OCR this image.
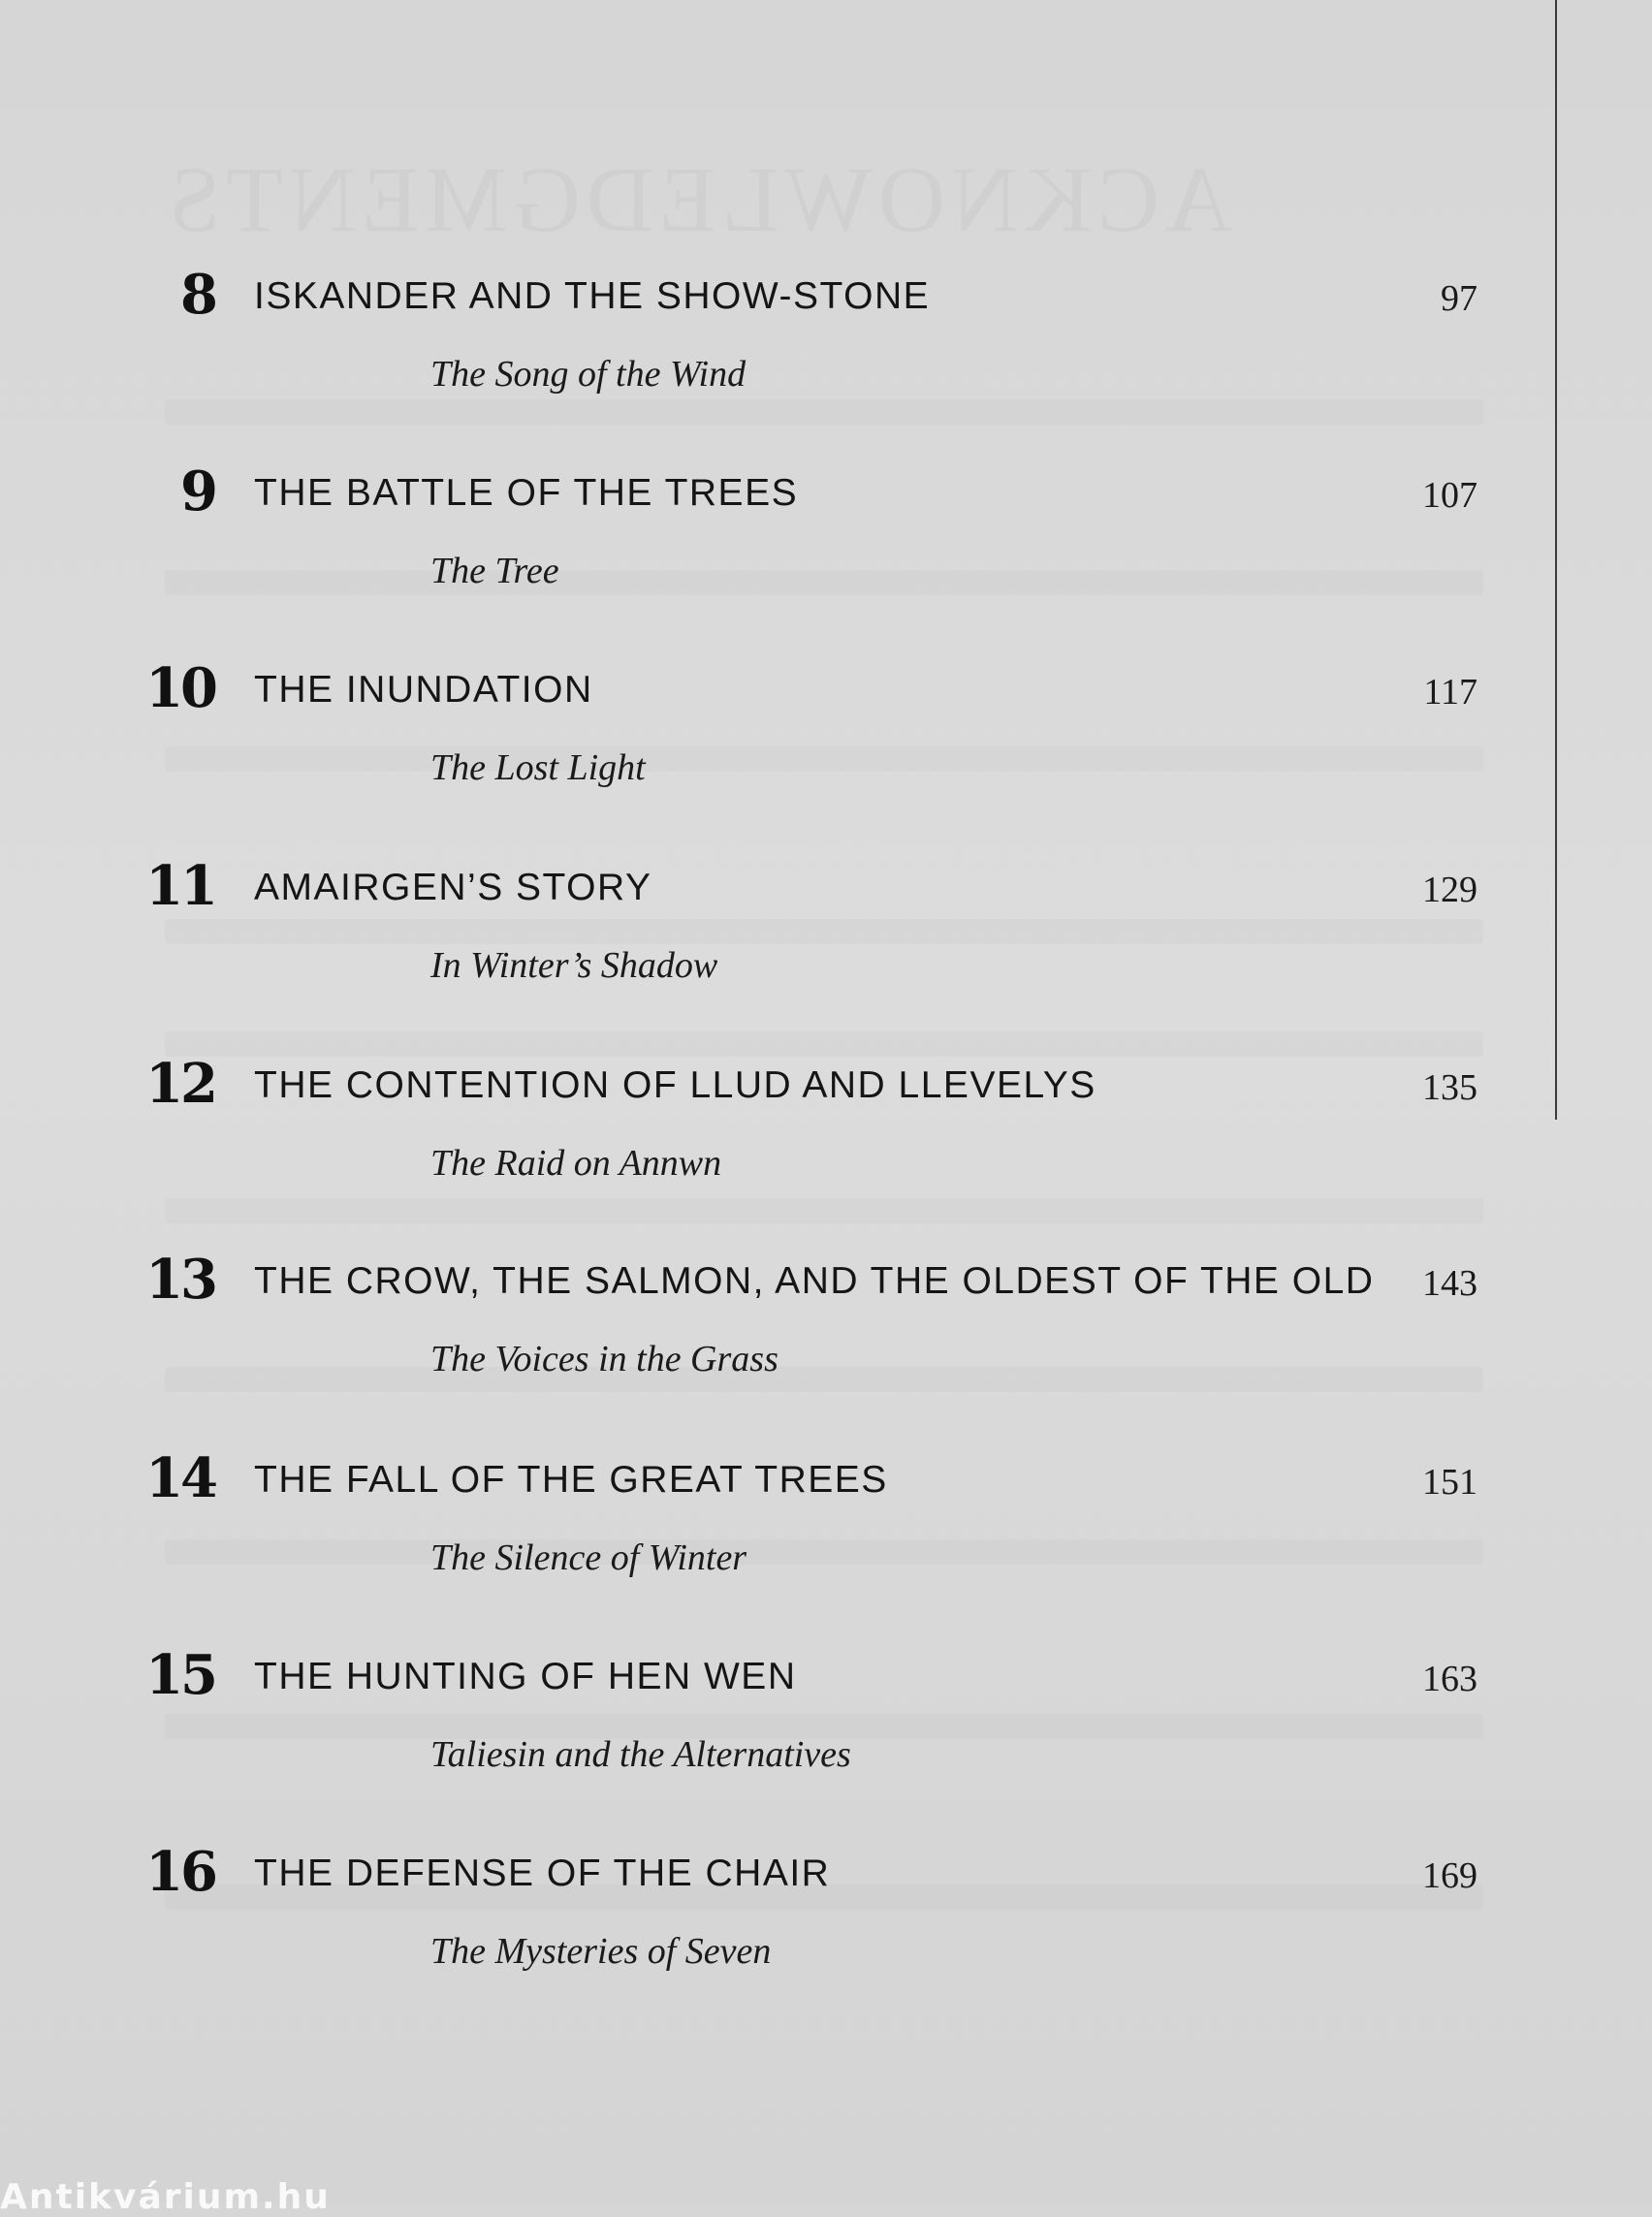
ACKNOWLEDGMENTS
8 ISKANDER AND THE SHOW-STONE	97
The Song of the Wind
9 THE BATTLE OF THE TREES	107
The Tree
10 THE INUNDATION	117
The Lost Light
11 AMAIRGEN’S STORY	129
In Winter’s Shadow
12 THE CONTENTION OF LLUD AND LLEVELYS	135
The Raid on Annwn
13 THE CROW, THE SALMON, AND THE OLDEST OF THE OLD 143
The Voices in the Grass
14 THE FALL OF THE GREAT TREES	151
The Silence of Winter
15 THE HUNTING OF HEN WEN	163
Taliesin and the Alternatives
16 THE DEFENSE OF THE CHAIR	169
The Mysteries of Seven
Antikvárium.hu
